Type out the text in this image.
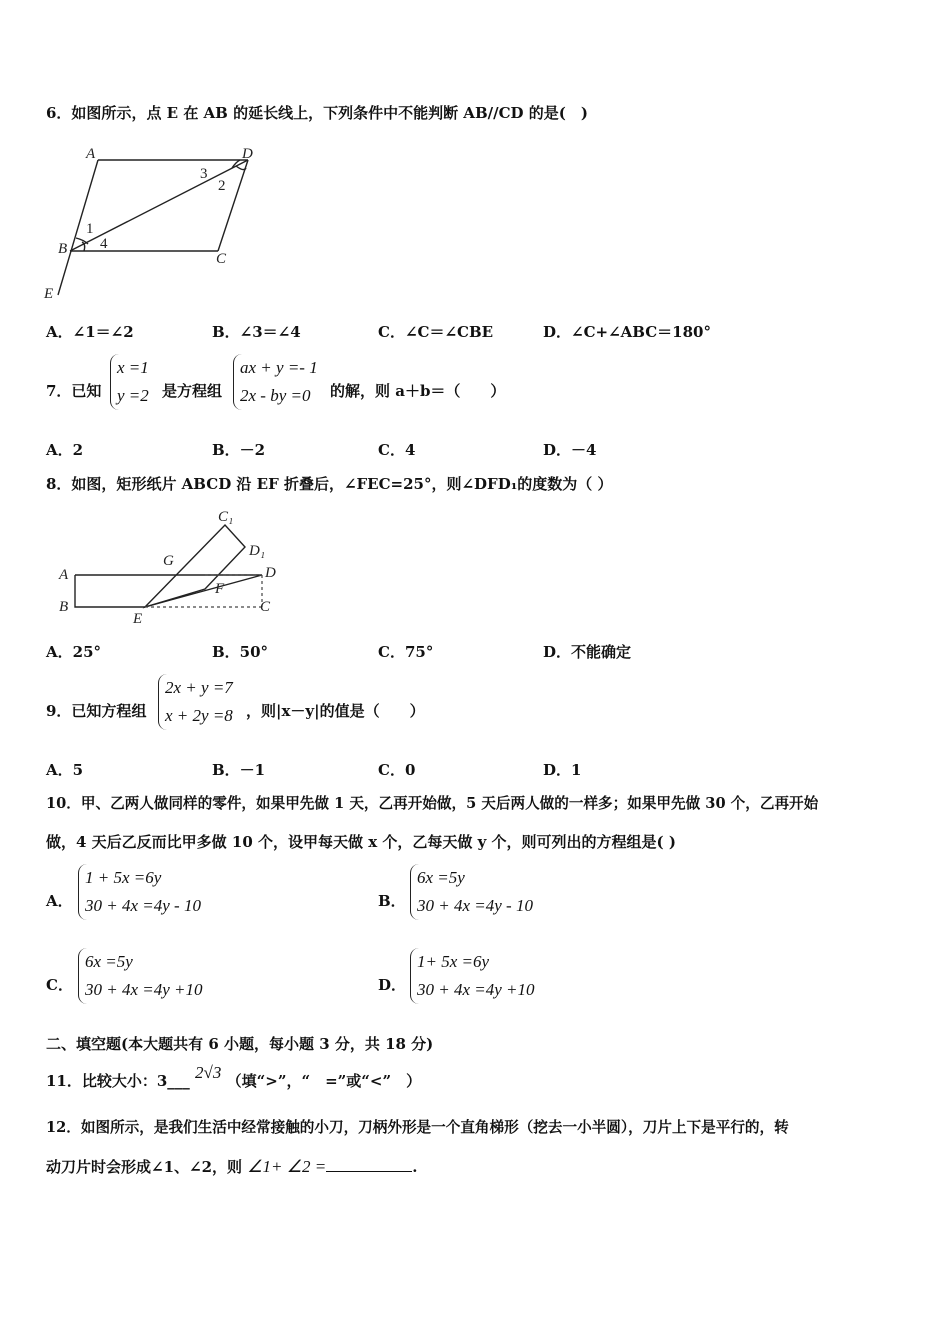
6．如图所示，点 E 在 AB 的延长线上，下列条件中不能判断 AB//CD 的是(　)
A	D
B
C
E
1
2
3
4
A．∠1＝∠2	B．∠3＝∠4	C．∠C＝∠CBE	D．∠C+∠ABC＝180°
7．已知
x =1
y =2 是方程组
ax + y =- 1
2x - by =0	的解，则 a＋b＝（　　）
A．2	B．－2	C．4	D．－4
8．如图，矩形纸片 ABCD 沿 EF 折叠后，∠FEC=25°，则∠DFD₁的度数为（ ）
A
B
E
C
D
F
G
C₁
D₁
A．25°	B．50°	C．75°	D．不能确定
9．已知方程组
2x + y =7
x + 2y =8 ，则|x－y|的值是（　　）
A．5	B．－1	C．0	D．1
10．甲、乙两人做同样的零件，如果甲先做 1 天，乙再开始做，5 天后两人做的一样多；如果甲先做 30 个，乙再开始
做，4 天后乙反而比甲多做 10 个，设甲每天做 x 个，乙每天做 y 个，则可列出的方程组是( )
A．
1 + 5x =6y
30 + 4x =4y - 10	B．
6x =5y
30 + 4x =4y - 10
C．
6x =5y
30 + 4x =4y +10	D．
1+ 5x =6y
30 + 4x =4y +10
二、填空题(本大题共有 6 小题，每小题 3 分，共 18 分)
11．比较大小：3___ 2√3 （填“>”，“　=”或“<”　）
12．如图所示，是我们生活中经常接触的小刀，刀柄外形是一个直角梯形（挖去一小半圆），刀片上下是平行的，转
动刀片时会形成∠1、∠2，则 ∠1+ ∠2 =	.
